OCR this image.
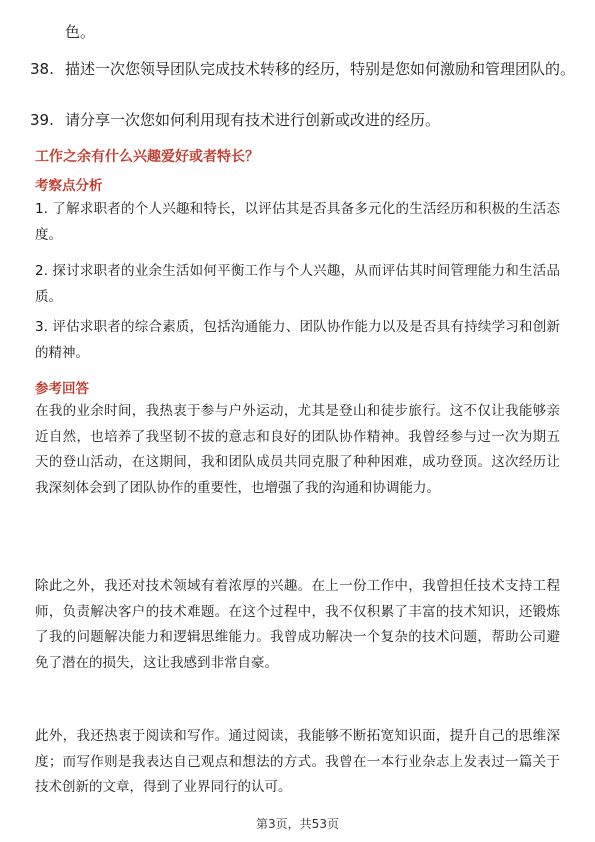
色。
38. 描述一次您领导团队完成技术转移的经历，特别是您如何激励和管理团队的。
39. 请分享一次您如何利用现有技术进行创新或改进的经历。
工作之余有什么兴趣爱好或者特长？
考察点分析
1. 了解求职者的个人兴趣和特长，以评估其是否具备多元化的生活经历和积极的生活态度。
2. 探讨求职者的业余生活如何平衡工作与个人兴趣，从而评估其时间管理能力和生活品质。
3. 评估求职者的综合素质，包括沟通能力、团队协作能力以及是否具有持续学习和创新的精神。
参考回答
在我的业余时间，我热衷于参与户外运动，尤其是登山和徒步旅行。这不仅让我能够亲近自然，也培养了我坚韧不拔的意志和良好的团队协作精神。我曾经参与过一次为期五天的登山活动，在这期间，我和团队成员共同克服了种种困难，成功登顶。这次经历让我深刻体会到了团队协作的重要性，也增强了我的沟通和协调能力。
除此之外，我还对技术领域有着浓厚的兴趣。在上一份工作中，我曾担任技术支持工程师，负责解决客户的技术难题。在这个过程中，我不仅积累了丰富的技术知识，还锻炼了我的问题解决能力和逻辑思维能力。我曾成功解决一个复杂的技术问题，帮助公司避免了潜在的损失，这让我感到非常自豪。
此外，我还热衷于阅读和写作。通过阅读，我能够不断拓宽知识面，提升自己的思维深度；而写作则是我表达自己观点和想法的方式。我曾在一本行业杂志上发表过一篇关于技术创新的文章，得到了业界同行的认可。
第3页，共53页
